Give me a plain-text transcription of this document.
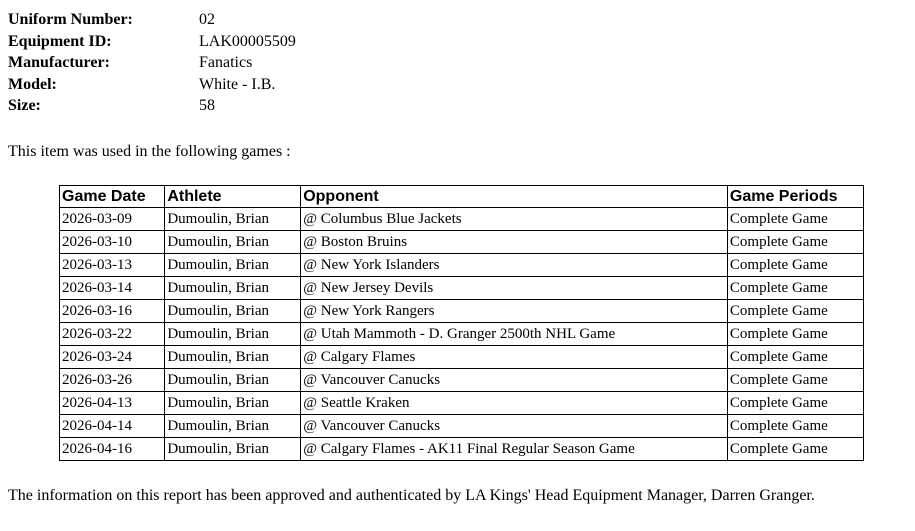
Uniform Number:	02
Equipment ID:	LAK00005509
Manufacturer:	Fanatics
Model:	White - I.B.
Size:	58

This item was used in the following games :

Game Date	Athlete	Opponent	Game Periods
2026-03-09	Dumoulin, Brian	@ Columbus Blue Jackets	Complete Game
2026-03-10	Dumoulin, Brian	@ Boston Bruins	Complete Game
2026-03-13	Dumoulin, Brian	@ New York Islanders	Complete Game
2026-03-14	Dumoulin, Brian	@ New Jersey Devils	Complete Game
2026-03-16	Dumoulin, Brian	@ New York Rangers	Complete Game
2026-03-22	Dumoulin, Brian	@ Utah Mammoth - D. Granger 2500th NHL Game	Complete Game
2026-03-24	Dumoulin, Brian	@ Calgary Flames	Complete Game
2026-03-26	Dumoulin, Brian	@ Vancouver Canucks	Complete Game
2026-04-13	Dumoulin, Brian	@ Seattle Kraken	Complete Game
2026-04-14	Dumoulin, Brian	@ Vancouver Canucks	Complete Game
2026-04-16	Dumoulin, Brian	@ Calgary Flames - AK11 Final Regular Season Game	Complete Game

The information on this report has been approved and authenticated by LA Kings' Head Equipment Manager, Darren Granger.
